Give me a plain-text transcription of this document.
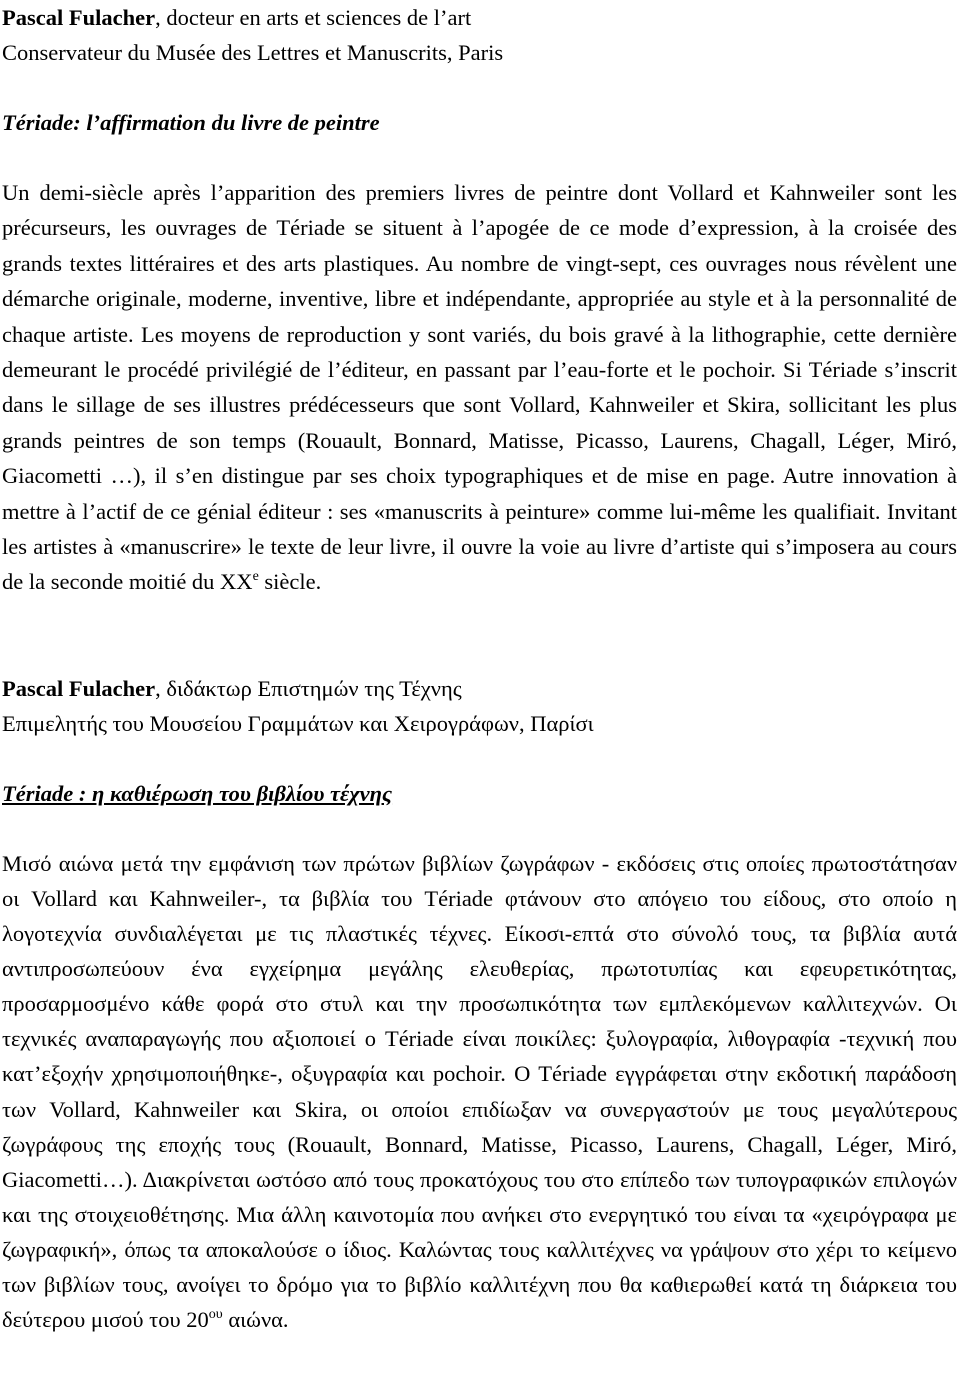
Pascal Fulacher, docteur en arts et sciences de l’art

Conservateur du Musée des Lettres et Manuscrits, Paris

Tériade: l’affirmation du livre de peintre

Un demi-siècle après l’apparition des premiers livres de peintre dont Vollard et Kahnweiler sont les précurseurs, les ouvrages de Tériade se situent à l’apogée de ce mode d’expression, à la croisée des grands textes littéraires et des arts plastiques. Au nombre de vingt-sept, ces ouvrages nous révèlent une démarche originale, moderne, inventive, libre et indépendante, appropriée au style et à la personnalité de chaque artiste. Les moyens de reproduction y sont variés, du bois gravé à la lithographie, cette dernière demeurant le procédé privilégié de l’éditeur, en passant par l’eau-forte et le pochoir. Si Tériade s’inscrit dans le sillage de ses illustres prédécesseurs que sont Vollard, Kahnweiler et Skira, sollicitant les plus grands peintres de son temps (Rouault, Bonnard, Matisse, Picasso, Laurens, Chagall, Léger, Miró, Giacometti …), il s’en distingue par ses choix typographiques et de mise en page. Autre innovation à mettre à l’actif de ce génial éditeur : ses «manuscrits à peinture» comme lui-même les qualifiait. Invitant les artistes à «manuscrire» le texte de leur livre, il ouvre la voie au livre d’artiste qui s’imposera au cours de la seconde moitié du XXe siècle.

Pascal Fulacher, διδάκτωρ Επιστημών της Τέχνης

Επιμελητής του Μουσείου Γραμμάτων και Χειρογράφων, Παρίσι

Tériade : η καθιέρωση του βιβλίου τέχνης

Μισό αιώνα μετά την εμφάνιση των πρώτων βιβλίων ζωγράφων - εκδόσεις στις οποίες πρωτοστάτησαν οι Vollard και Kahnweiler-, τα βιβλία του Tériade φτάνουν στο απόγειο του είδους, στο οποίο η λογοτεχνία συνδιαλέγεται με τις πλαστικές τέχνες. Είκοσι-επτά στο σύνολό τους, τα βιβλία αυτά αντιπροσωπεύουν ένα εγχείρημα μεγάλης ελευθερίας, πρωτοτυπίας και εφευρετικότητας, προσαρμοσμένο κάθε φορά στο στυλ και την προσωπικότητα των εμπλεκόμενων καλλιτεχνών. Οι τεχνικές αναπαραγωγής που αξιοποιεί ο Tériade είναι ποικίλες: ξυλογραφία, λιθογραφία -τεχνική που κατ’εξοχήν χρησιμοποιήθηκε-, οξυγραφία και pochoir. O Tériade εγγράφεται στην εκδοτική παράδοση των Vollard, Kahnweiler και Skira, οι οποίοι επιδίωξαν να συνεργαστούν με τους μεγαλύτερους ζωγράφους της εποχής τους (Rouault, Bonnard, Matisse, Picasso, Laurens, Chagall, Léger, Miró, Giacometti…). Διακρίνεται ωστόσο από τους προκατόχους του στο επίπεδο των τυπογραφικών επιλογών και της στοιχειοθέτησης. Μια άλλη καινοτομία που ανήκει στο ενεργητικό του είναι τα «χειρόγραφα με ζωγραφική», όπως τα αποκαλούσε ο ίδιος. Καλώντας τους καλλιτέχνες να γράψουν στο χέρι το κείμενο των βιβλίων τους, ανοίγει το δρόμο για το βιβλίο καλλιτέχνη που θα καθιερωθεί κατά τη διάρκεια του δεύτερου μισού του $20^{o\upsilon}$ αιώνα.
